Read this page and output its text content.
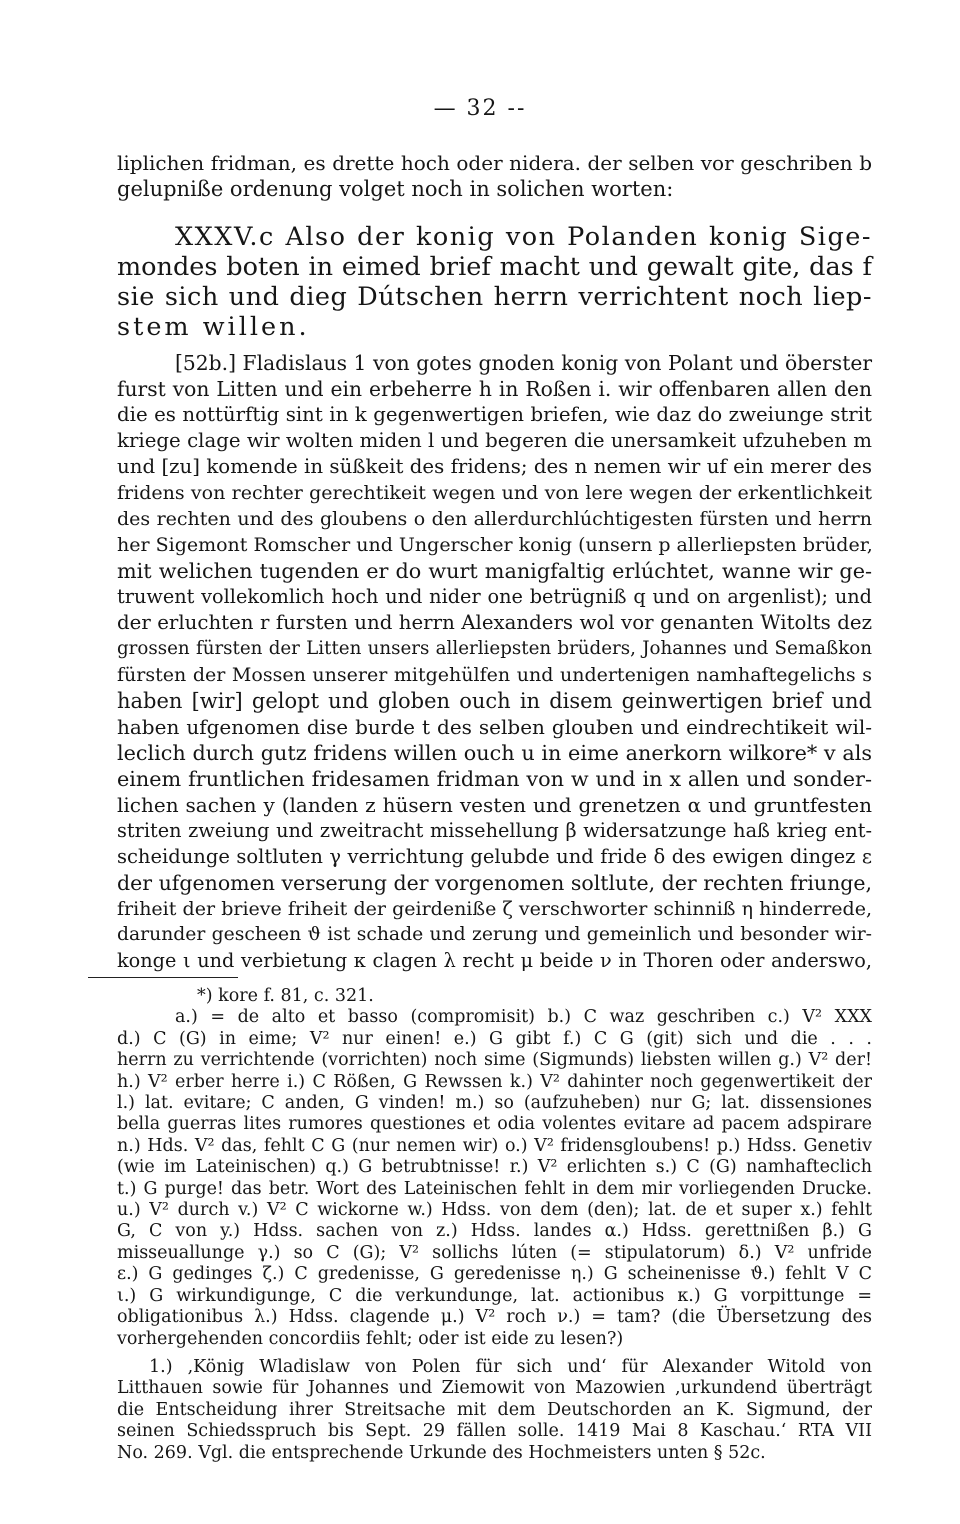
— 32 --
liplichen fridman, es drette hoch oder nidera. der selben vor geschriben b
gelupniße ordenung volget noch in solichen worten:
XXXV.c Also der konig von Polanden konig Sige-
mondes boten in eimed brief macht und gewalt gite, das f
sie sich und dieg Dútschen herrn verrichtent noch liep-
stem willen.
[52b.] Fladislaus 1 von gotes gnoden konig von Polant und öberster
furst von Litten und ein erbeherre h in Roßen i. wir offenbaren allen den
die es nottürftig sint in k gegenwertigen briefen, wie daz do zweiunge strit
kriege clage wir wolten miden l und begeren die unersamkeit ufzuheben m
und [zu] komende in süßkeit des fridens; des n nemen wir uf ein merer des
fridens von rechter gerechtikeit wegen und von lere wegen der erkentlichkeit
des rechten und des gloubens o den allerdurchlúchtigesten fürsten und herrn
her Sigemont Romscher und Ungerscher konig (unsern p allerliepsten brüder,
mit welichen tugenden er do wurt manigfaltig erlúchtet, wanne wir ge-
truwent vollekomlich hoch und nider one betrügniß q und on argenlist); und
der erluchten r fursten und herrn Alexanders wol vor genanten Witolts dez
grossen fürsten der Litten unsers allerliepsten brüders, Johannes und Semaßkon
fürsten der Mossen unserer mitgehülfen und undertenigen namhaftegelichs s
haben [wir] gelopt und globen ouch in disem geinwertigen brief und
haben ufgenomen dise burde t des selben glouben und eindrechtikeit wil-
leclich durch gutz fridens willen ouch u in eime anerkorn wilkore* v als
einem fruntlichen fridesamen fridman von w und in x allen und sonder-
lichen sachen y (landen z hüsern vesten und grenetzen α und gruntfesten
striten zweiung und zweitracht missehellung β widersatzunge haß krieg ent-
scheidunge soltluten γ verrichtung gelubde und fride δ des ewigen dingez ε
der ufgenomen verserung der vorgenomen soltlute, der rechten friunge,
friheit der brieve friheit der geirdeniße ζ verschworter schinniß η hinderrede,
darunder gescheen ϑ ist schade und zerung und gemeinlich und besonder wir-
konge ι und verbietung κ clagen λ recht μ beide ν in Thoren oder anderswo,
*) kore f. 81, c. 321.
a.) = de alto et basso (compromisit) b.) C waz geschriben c.) V² XXX
d.) C (G) in eime; V² nur einen! e.) G gibt f.) C G (git) sich und die . . .
herrn zu verrichtende (vorrichten) noch sime (Sigmunds) liebsten willen g.) V² der!
h.) V² erber herre i.) C Rößen, G Rewssen k.) V² dahinter noch gegenwertikeit der
l.) lat. evitare; C anden, G vinden! m.) so (aufzuheben) nur G; lat. dissensiones
bella guerras lites rumores questiones et odia volentes evitare ad pacem adspirare
n.) Hds. V² das, fehlt C G (nur nemen wir) o.) V² fridensgloubens! p.) Hdss. Genetiv
(wie im Lateinischen) q.) G betrubtnisse! r.) V² erlichten s.) C (G) namhafteclich
t.) G purge! das betr. Wort des Lateinischen fehlt in dem mir vorliegenden Drucke.
u.) V² durch v.) V² C wickorne w.) Hdss. von dem (den); lat. de et super x.) fehlt
G, C von y.) Hdss. sachen von z.) Hdss. landes α.) Hdss. gerettnißen β.) G
misseuallunge γ.) so C (G); V² sollichs lúten (= stipulatorum) δ.) V² unfride
ε.) G gedinges ζ.) C gredenisse, G geredenisse η.) G scheinenisse ϑ.) fehlt V C
ι.) G wirkundigunge, C die verkundunge, lat. actionibus κ.) G vorpittunge =
obligationibus λ.) Hdss. clagende μ.) V² roch ν.) = tam? (die Übersetzung des
vorhergehenden concordiis fehlt; oder ist eide zu lesen?)
1.) ‚König Wladislaw von Polen für sich und‘ für Alexander Witold von
Litthauen sowie für Johannes und Ziemowit von Mazowien ‚urkundend überträgt
die Entscheidung ihrer Streitsache mit dem Deutschorden an K. Sigmund, der
seinen Schiedsspruch bis Sept. 29 fällen solle. 1419 Mai 8 Kaschau.‘ RTA VII
No. 269. Vgl. die entsprechende Urkunde des Hochmeisters unten § 52c.
